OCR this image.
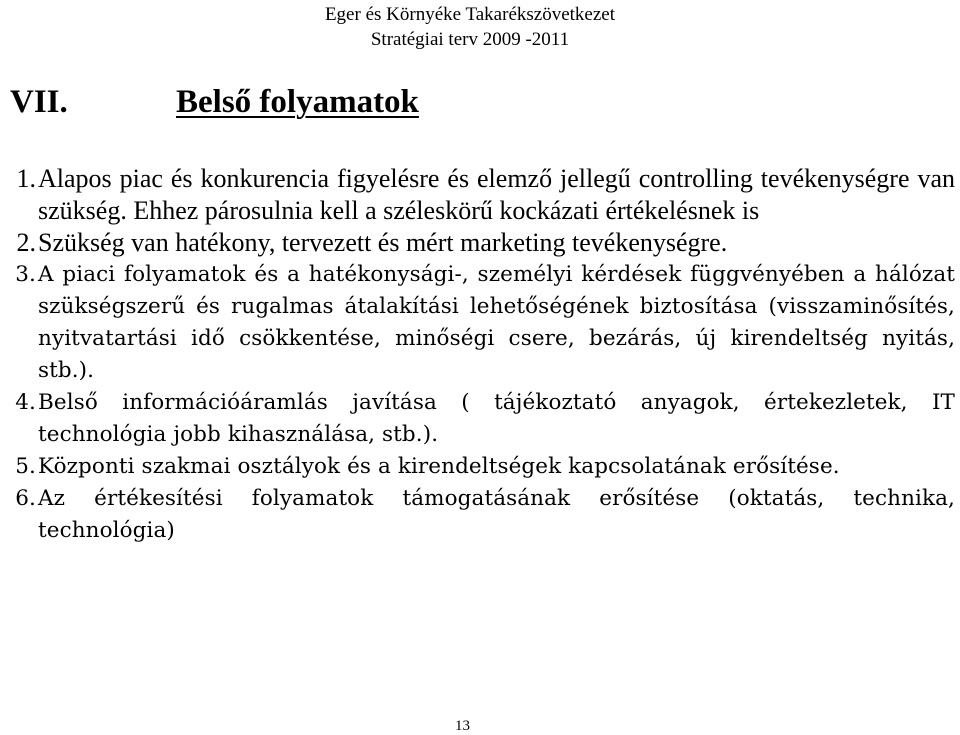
Eger és Környéke Takarékszövetkezet
Stratégiai terv 2009 -2011
VII.	Belső folyamatok
1. Alapos piac és konkurencia figyelésre és elemző jellegű controlling tevékenységre van szükség. Ehhez párosulnia kell a széleskörű kockázati értékelésnek is
2. Szükség van hatékony, tervezett és mért marketing tevékenységre.
3. A piaci folyamatok és a hatékonysági-, személyi kérdések függvényében a hálózat szükségszerű és rugalmas átalakítási lehetőségének biztosítása (visszaminősítés, nyitvatartási idő csökkentése, minőségi csere, bezárás, új kirendeltség nyitás, stb.).
4. Belső információáramlás javítása ( tájékoztató anyagok, értekezletek, IT technológia jobb kihasználása, stb.).
5. Központi szakmai osztályok és a kirendeltségek kapcsolatának erősítése.
6. Az értékesítési folyamatok támogatásának erősítése (oktatás, technika, technológia)
13
